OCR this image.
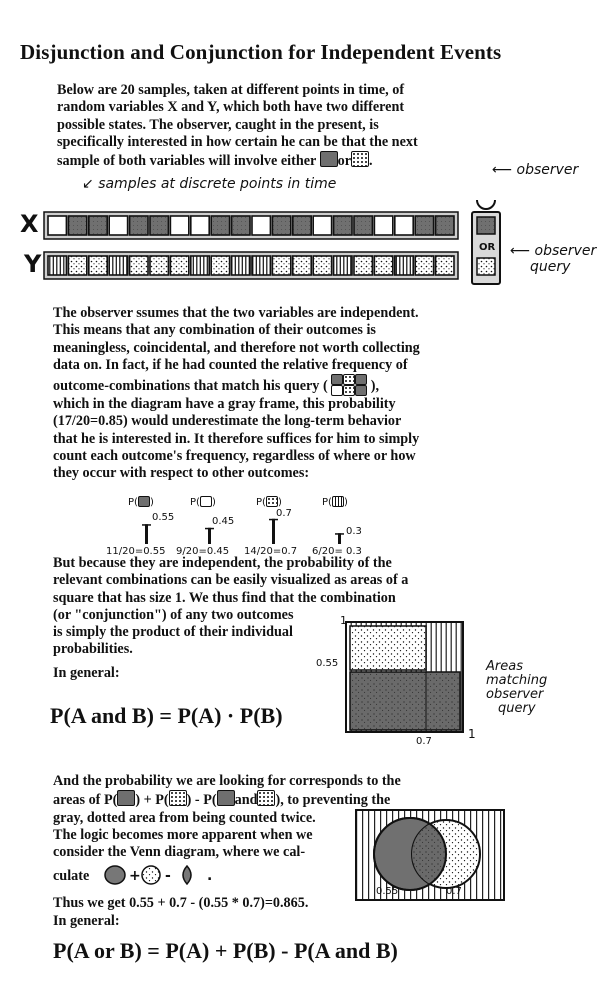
Disjunction and Conjunction for Independent Events
Below are 20 samples, taken at different points in time, of
random variables X and Y, which both have two different
possible states. The observer, caught in the present, is
specifically interested in how certain he can be that the next
sample of both variables will involve either or .
↙ samples at discrete points in time
⟵ observer
X
Y
OR ⟵ observer
query
The observer ssumes that the two variables are independent.
This means that any combination of their outcomes is
meaningless, coincidental, and therefore not worth collecting
data on. In fact, if he had counted the relative frequency of
outcome-combinations that match his query (	),
which in the diagram have a gray frame, this probability
(17/20=0.85) would underestimate the long-term behavior
that he is interested in. It therefore suffices for him to simply
count each outcome's frequency, regardless of where or how
they occur with respect to other outcomes:
P( )	P( )	P( )	P( )
0.55	0.45
0.7
0.3
11/20=0.55 9/20=0.45 14/20=0.7 6/20= 0.3
But because they are independent, the probability of the
relevant combinations can be easily visualized as areas of a
square that has size 1. We thus find that the combination
(or "conjunction") of any two outcomes
is simply the product of their individual
probabilities.
In general:
1
0.55
0.7
1
Areas
matching
observer
query
P(A and B) = P(A) · P(B)
And the probability we are looking for corresponds to the
areas of P( ) + P( ) - P( and ), to preventing the
gray, dotted area from being counted twice.
The logic becomes more apparent when we
consider the Venn diagram, where we cal-
culate	+ -	.
0.55	0.7
Thus we get 0.55 + 0.7 - (0.55 * 0.7)=0.865.
In general:
P(A or B) = P(A) + P(B) - P(A and B)
